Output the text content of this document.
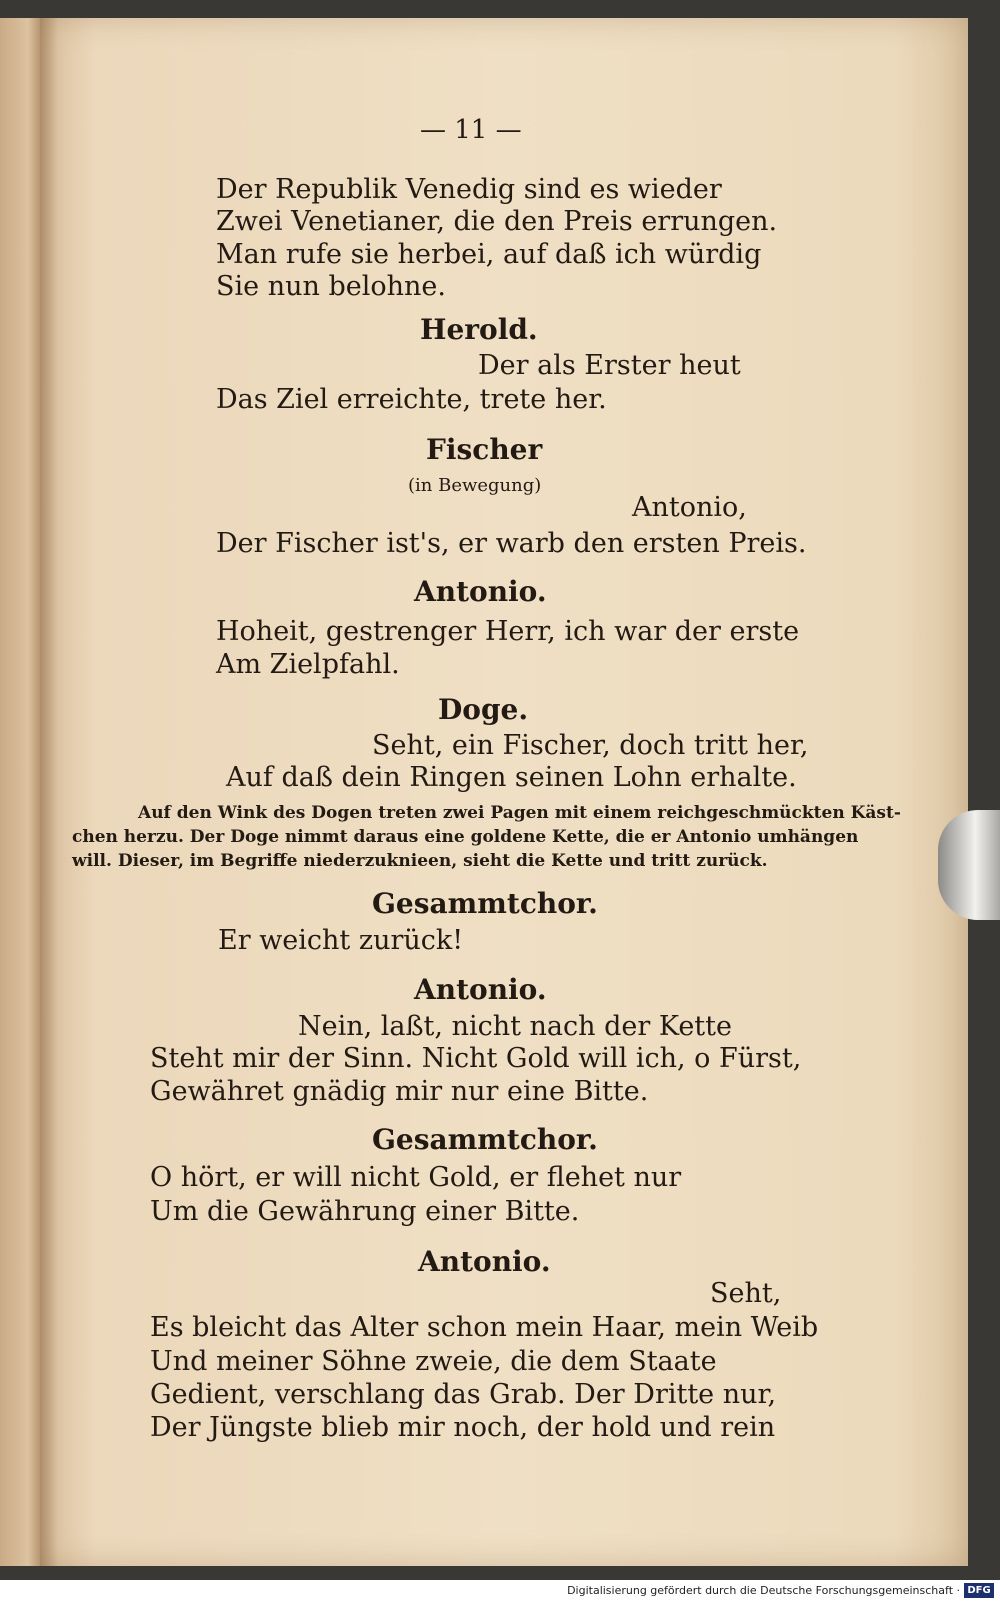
— 11 —
Der Republik Venedig sind es wieder
Zwei Venetianer, die den Preis errungen.
Man rufe sie herbei, auf daß ich würdig
Sie nun belohne.
Herold.
Der als Erster heut
Das Ziel erreichte, trete her.
Fischer
(in Bewegung)
Antonio,
Der Fischer ist's, er warb den ersten Preis.
Antonio.
Hoheit, gestrenger Herr, ich war der erste
Am Zielpfahl.
Doge.
Seht, ein Fischer, doch tritt her,
Auf daß dein Ringen seinen Lohn erhalte.
Auf den Wink des Dogen treten zwei Pagen mit einem reichgeschmückten Käst-
chen herzu. Der Doge nimmt daraus eine goldene Kette, die er Antonio umhängen
will. Dieser, im Begriffe niederzuknieen, sieht die Kette und tritt zurück.
Gesammtchor.
Er weicht zurück!
Antonio.
Nein, laßt, nicht nach der Kette
Steht mir der Sinn. Nicht Gold will ich, o Fürst,
Gewähret gnädig mir nur eine Bitte.
Gesammtchor.
O hört, er will nicht Gold, er flehet nur
Um die Gewährung einer Bitte.
Antonio.
Seht,
Es bleicht das Alter schon mein Haar, mein Weib
Und meiner Söhne zweie, die dem Staate
Gedient, verschlang das Grab. Der Dritte nur,
Der Jüngste blieb mir noch, der hold und rein
Digitalisierung gefördert durch die Deutsche Forschungsgemeinschaft · DFG
